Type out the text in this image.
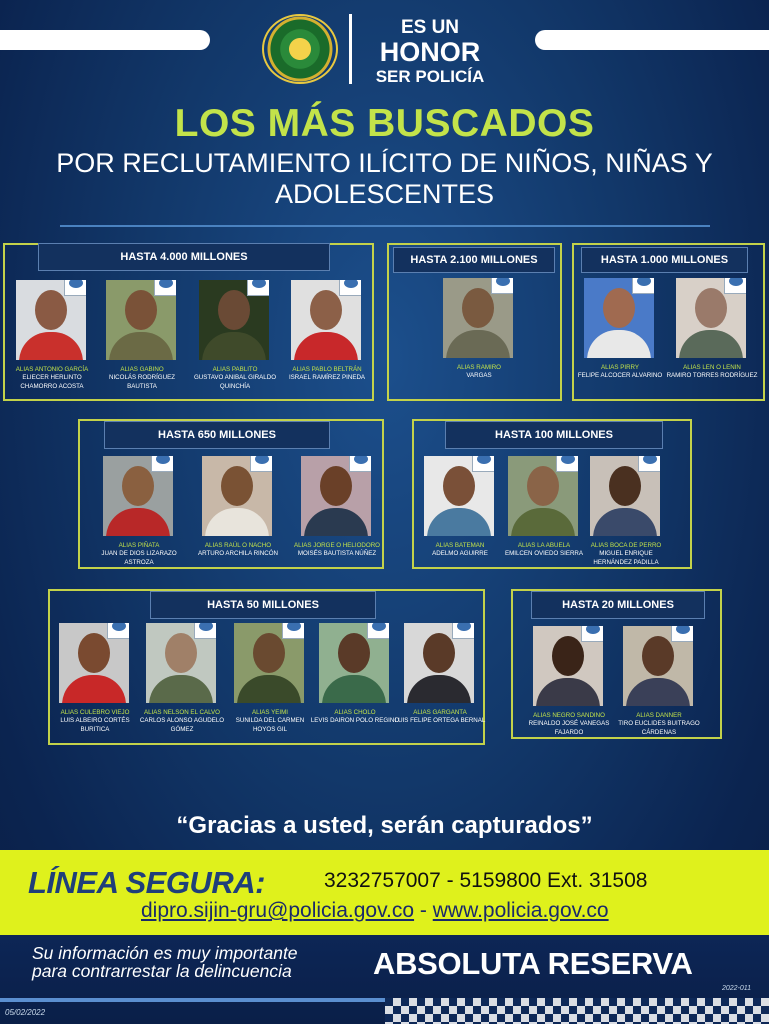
ES UN
HONOR
SER POLICÍA
LOS MÁS BUSCADOS
POR RECLUTAMIENTO ILÍCITO DE NIÑOS, NIÑAS Y ADOLESCENTES
HASTA 4.000 MILLONES
ALIAS ANTONIO GARCÍA
ELIECER HERLINTO CHAMORRO ACOSTA
ALIAS GABINO
NICOLÁS RODRÍGUEZ BAUTISTA
ALIAS PABLITO
GUSTAVO ANIBAL GIRALDO QUINCHÍA
ALIAS PABLO BELTRÁN
ISRAEL RAMÍREZ PINEDA
HASTA 2.100 MILLONES
ALIAS RAMIRO
VARGAS
HASTA 1.000 MILLONES
ALIAS PIRRY
FELIPE ALCOCER ALVARINO
ALIAS LEN O LENIN
RAMIRO TORRES RODRÍGUEZ
HASTA 650 MILLONES
ALIAS PIÑATA
JUAN DE DIOS LIZARAZO ASTROZA
ALIAS RAÚL O NACHO
ARTURO ARCHILA RINCÓN
ALIAS JORGE O HELIODORO
MOISÉS BAUTISTA NÚÑEZ
HASTA 100 MILLONES
ALIAS BATEMAN
ADELMO AGUIRRE
ALIAS LA ABUELA
EMILCEN OVIEDO SIERRA
ALIAS BOCA DE PERRO
MIGUEL ENRIQUE HERNÁNDEZ PADILLA
HASTA 50 MILLONES
ALIAS CULEBRO VIEJO
LUIS ALBEIRO CORTÉS BURITICA
ALIAS NELSON EL CALVO
CARLOS ALONSO AGUDELO GÓMEZ
ALIAS YEIMI
SUNILDA DEL CARMEN HOYOS GIL
ALIAS CHOLO
LEVIS DAIRON POLO REGINO
ALIAS GARGANTA
LUIS FELIPE ORTEGA BERNAL
HASTA 20 MILLONES
ALIAS NEGRO SANDINO
REINALDO JOSÉ VANEGAS FAJARDO
ALIAS DANNER
TIRO EUCLIDES BUITRAGO CÁRDENAS
“Gracias a usted, serán capturados”
LÍNEA SEGURA:	3232757007 - 5159800 Ext. 31508
dipro.sijin-gru@policia.gov.co - www.policia.gov.co
Su información es muy importante
para contrarrestar la delincuencia	ABSOLUTA RESERVA
2022-011
05/02/2022
